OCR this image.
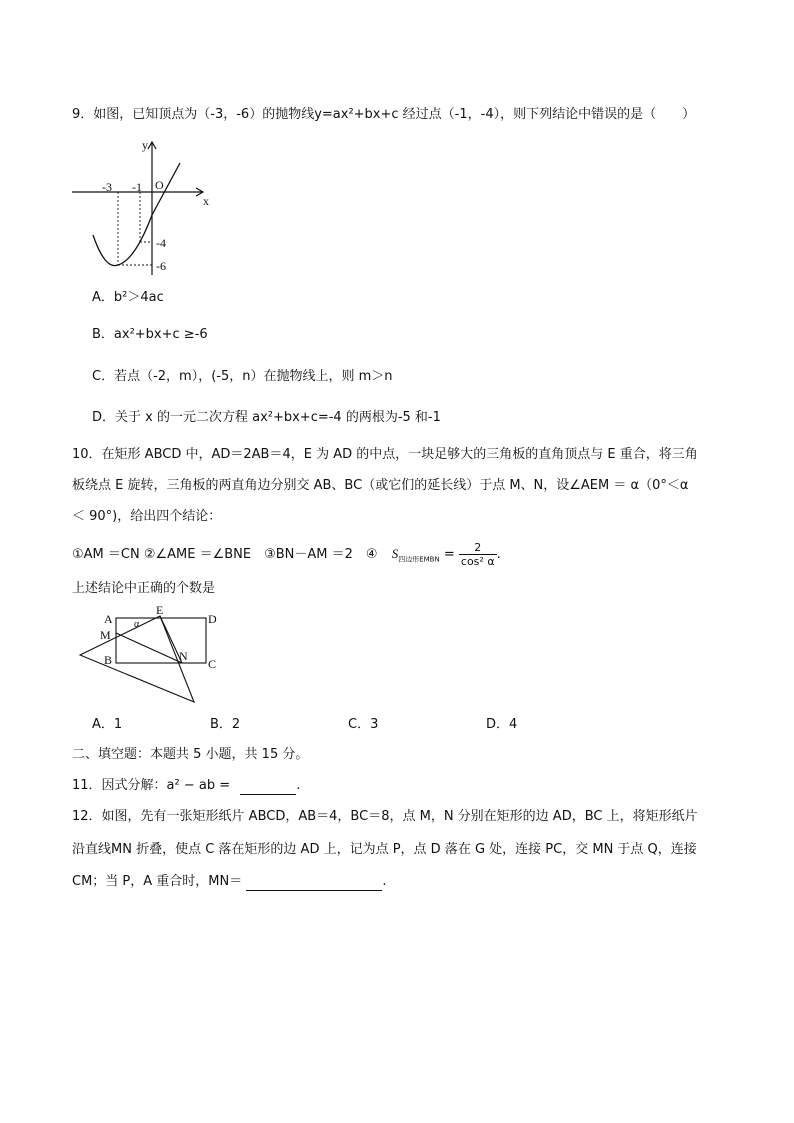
9．如图，已知顶点为（-3，-6）的抛物线y=ax²+bx+c 经过点（-1，-4），则下列结论中错误的是（　　）
y
x
O
-3 -1
-4
-6
A．b²＞4ac
B．ax²+bx+c ≥-6
C．若点（-2，m），(-5，n）在抛物线上，则 m＞n
D．关于 x 的一元二次方程 ax²+bx+c=-4 的两根为-5 和-1
10．在矩形 ABCD 中，AD＝2AB＝4，E 为 AD 的中点，一块足够大的三角板的直角顶点与 E 重合，将三角
板绕点 E 旋转，三角板的两直角边分别交 AB、BC（或它们的延长线）于点 M、N，设∠AEM ＝ α（0°＜α
＜ 90°)，给出四个结论：
①AM ＝CN ②∠AME ＝∠BNE　③BN－AM ＝2　④ $S_{四边形EMBN} = \frac{2}{\text{cos² α}}$ .
上述结论中正确的个数是
A
M
E
D
B	N
C
α
A．1	B．2	C．3	D．4
二、填空题：本题共 5 小题，共 15 分。
11．因式分解：a² − ab =	.
12．如图，先有一张矩形纸片 ABCD，AB＝4，BC＝8，点 M，N 分别在矩形的边 AD，BC 上，将矩形纸片
沿直线MN 折叠，使点 C 落在矩形的边 AD 上，记为点 P，点 D 落在 G 处，连接 PC，交 MN 于点 Q，连接
CM；当 P，A 重合时，MN＝	.
